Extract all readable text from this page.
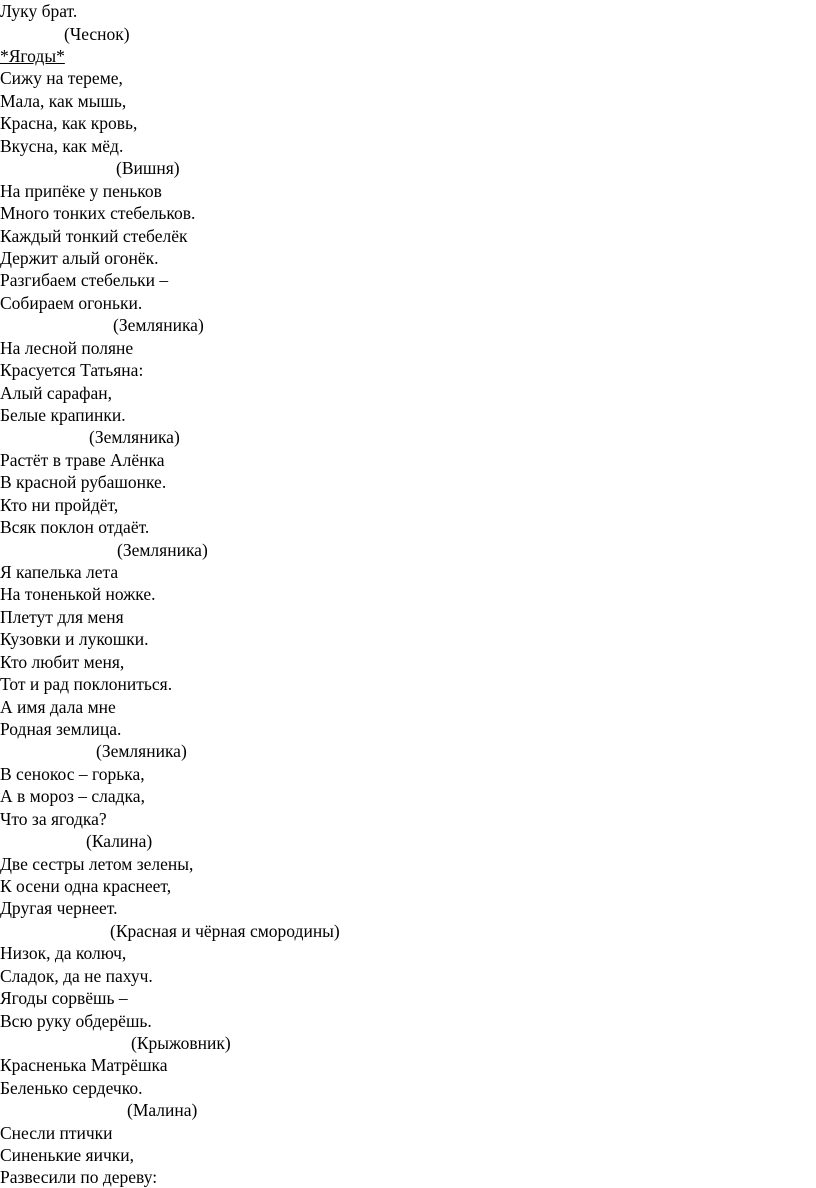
Луку брат.
(Чеснок)
*Ягоды*
Сижу на тереме,
Мала, как мышь,
Красна, как кровь,
Вкусна, как мёд.
(Вишня)
На припёке у пеньков
Много тонких стебельков.
Каждый тонкий стебелёк
Держит алый огонёк.
Разгибаем стебельки –
Собираем огоньки.
(Земляника)
На лесной поляне
Красуется Татьяна:
Алый сарафан,
Белые крапинки.
(Земляника)
Растёт в траве Алёнка
В красной рубашонке.
Кто ни пройдёт,
Всяк поклон отдаёт.
(Земляника)
Я капелька лета
На тоненькой ножке.
Плетут для меня
Кузовки и лукошки.
Кто любит меня,
Тот и рад поклониться.
А имя дала мне
Родная землица.
(Земляника)
В сенокос – горька,
А в мороз – сладка,
Что за ягодка?
(Калина)
Две сестры летом зелены,
К осени одна краснеет,
Другая чернеет.
(Красная и чёрная смородины)
Низок, да колюч,
Сладок, да не пахуч.
Ягоды сорвёшь –
Всю руку обдерёшь.
(Крыжовник)
Красненька Матрёшка
Беленько сердечко.
(Малина)
Снесли птички
Синенькие яички,
Развесили по дереву:
